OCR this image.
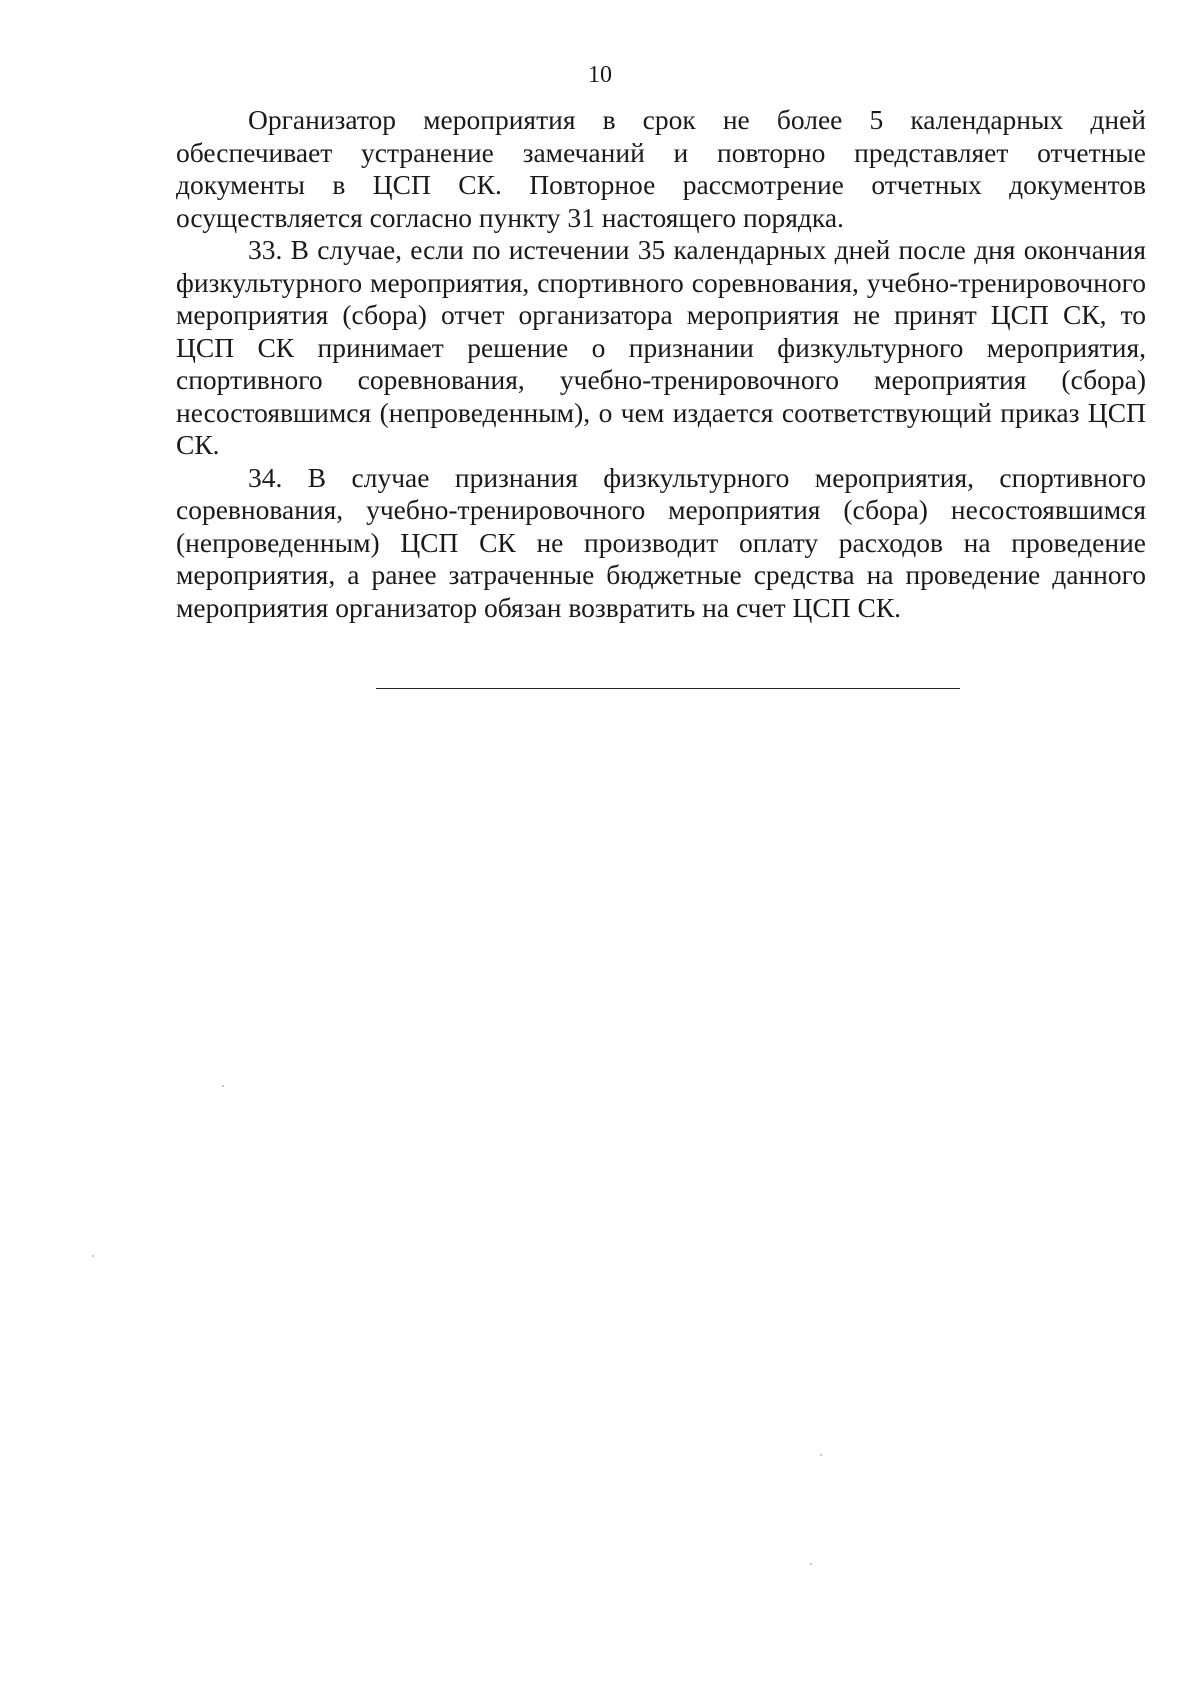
10

Организатор мероприятия в срок не более 5 календарных дней обеспечивает устранение замечаний и повторно представляет отчетные документы в ЦСП СК. Повторное рассмотрение отчетных документов осуществляется согласно пункту 31 настоящего порядка.

33. В случае, если по истечении 35 календарных дней после дня окончания физкультурного мероприятия, спортивного соревнования, учебно-тренировочного мероприятия (сбора) отчет организатора мероприятия не принят ЦСП СК, то ЦСП СК принимает решение о признании физкультурного мероприятия, спортивного соревнования, учебно-тренировочного мероприятия (сбора) несостоявшимся (непроведенным), о чем издается соответствующий приказ ЦСП СК.

34. В случае признания физкультурного мероприятия, спортивного соревнования, учебно-тренировочного мероприятия (сбора) несостоявшимся (непроведенным) ЦСП СК не производит оплату расходов на проведение мероприятия, а ранее затраченные бюджетные средства на проведение данного мероприятия организатор обязан возвратить на счет ЦСП СК.
